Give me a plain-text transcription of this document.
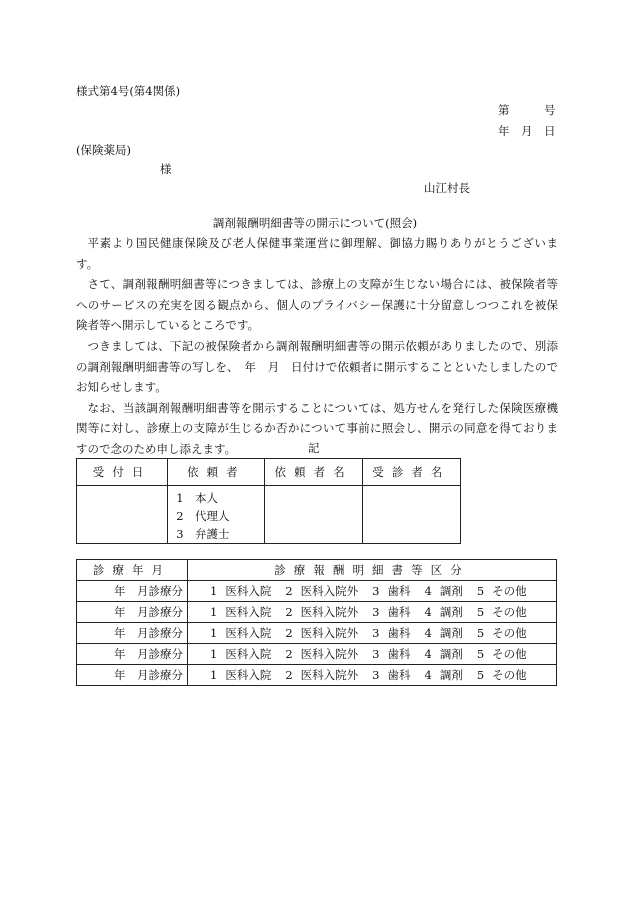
様式第4号(第4関係)
第　　　号
年　月　日
(保険薬局)
様
山江村長
調剤報酬明細書等の開示について(照会)

平素より国民健康保険及び老人保健事業運営に御理解、御協力賜りありがとうございます。

さて、調剤報酬明細書等につきましては、診療上の支障が生じない場合には、被保険者等へのサービスの充実を図る観点から、個人のプライバシー保護に十分留意しつつこれを被保険者等へ開示しているところです。

つきましては、下記の被保険者から調剤報酬明細書等の開示依頼がありましたので、別添の調剤報酬明細書等の写しを、　年　月　日付けで依頼者に開示することといたしましたのでお知らせします。

なお、当該調剤報酬明細書等を開示することについては、処方せんを発行した保険医療機関等に対し、診療上の支障が生じるか否かについて事前に照会し、開示の同意を得ておりますので念のため申し添えます。	記
受付日	依頼者	依頼者名	受診者名

	1　本人
2　代理人
3　弁護士		

診療年月	診療報酬明細書等区分
年　月診療分	1 医科入院 2 医科入院外 3 歯科 4 調剤 5 その他
年　月診療分	1 医科入院 2 医科入院外 3 歯科 4 調剤 5 その他
年　月診療分	1 医科入院 2 医科入院外 3 歯科 4 調剤 5 その他
年　月診療分	1 医科入院 2 医科入院外 3 歯科 4 調剤 5 その他
年　月診療分	1 医科入院 2 医科入院外 3 歯科 4 調剤 5 その他
